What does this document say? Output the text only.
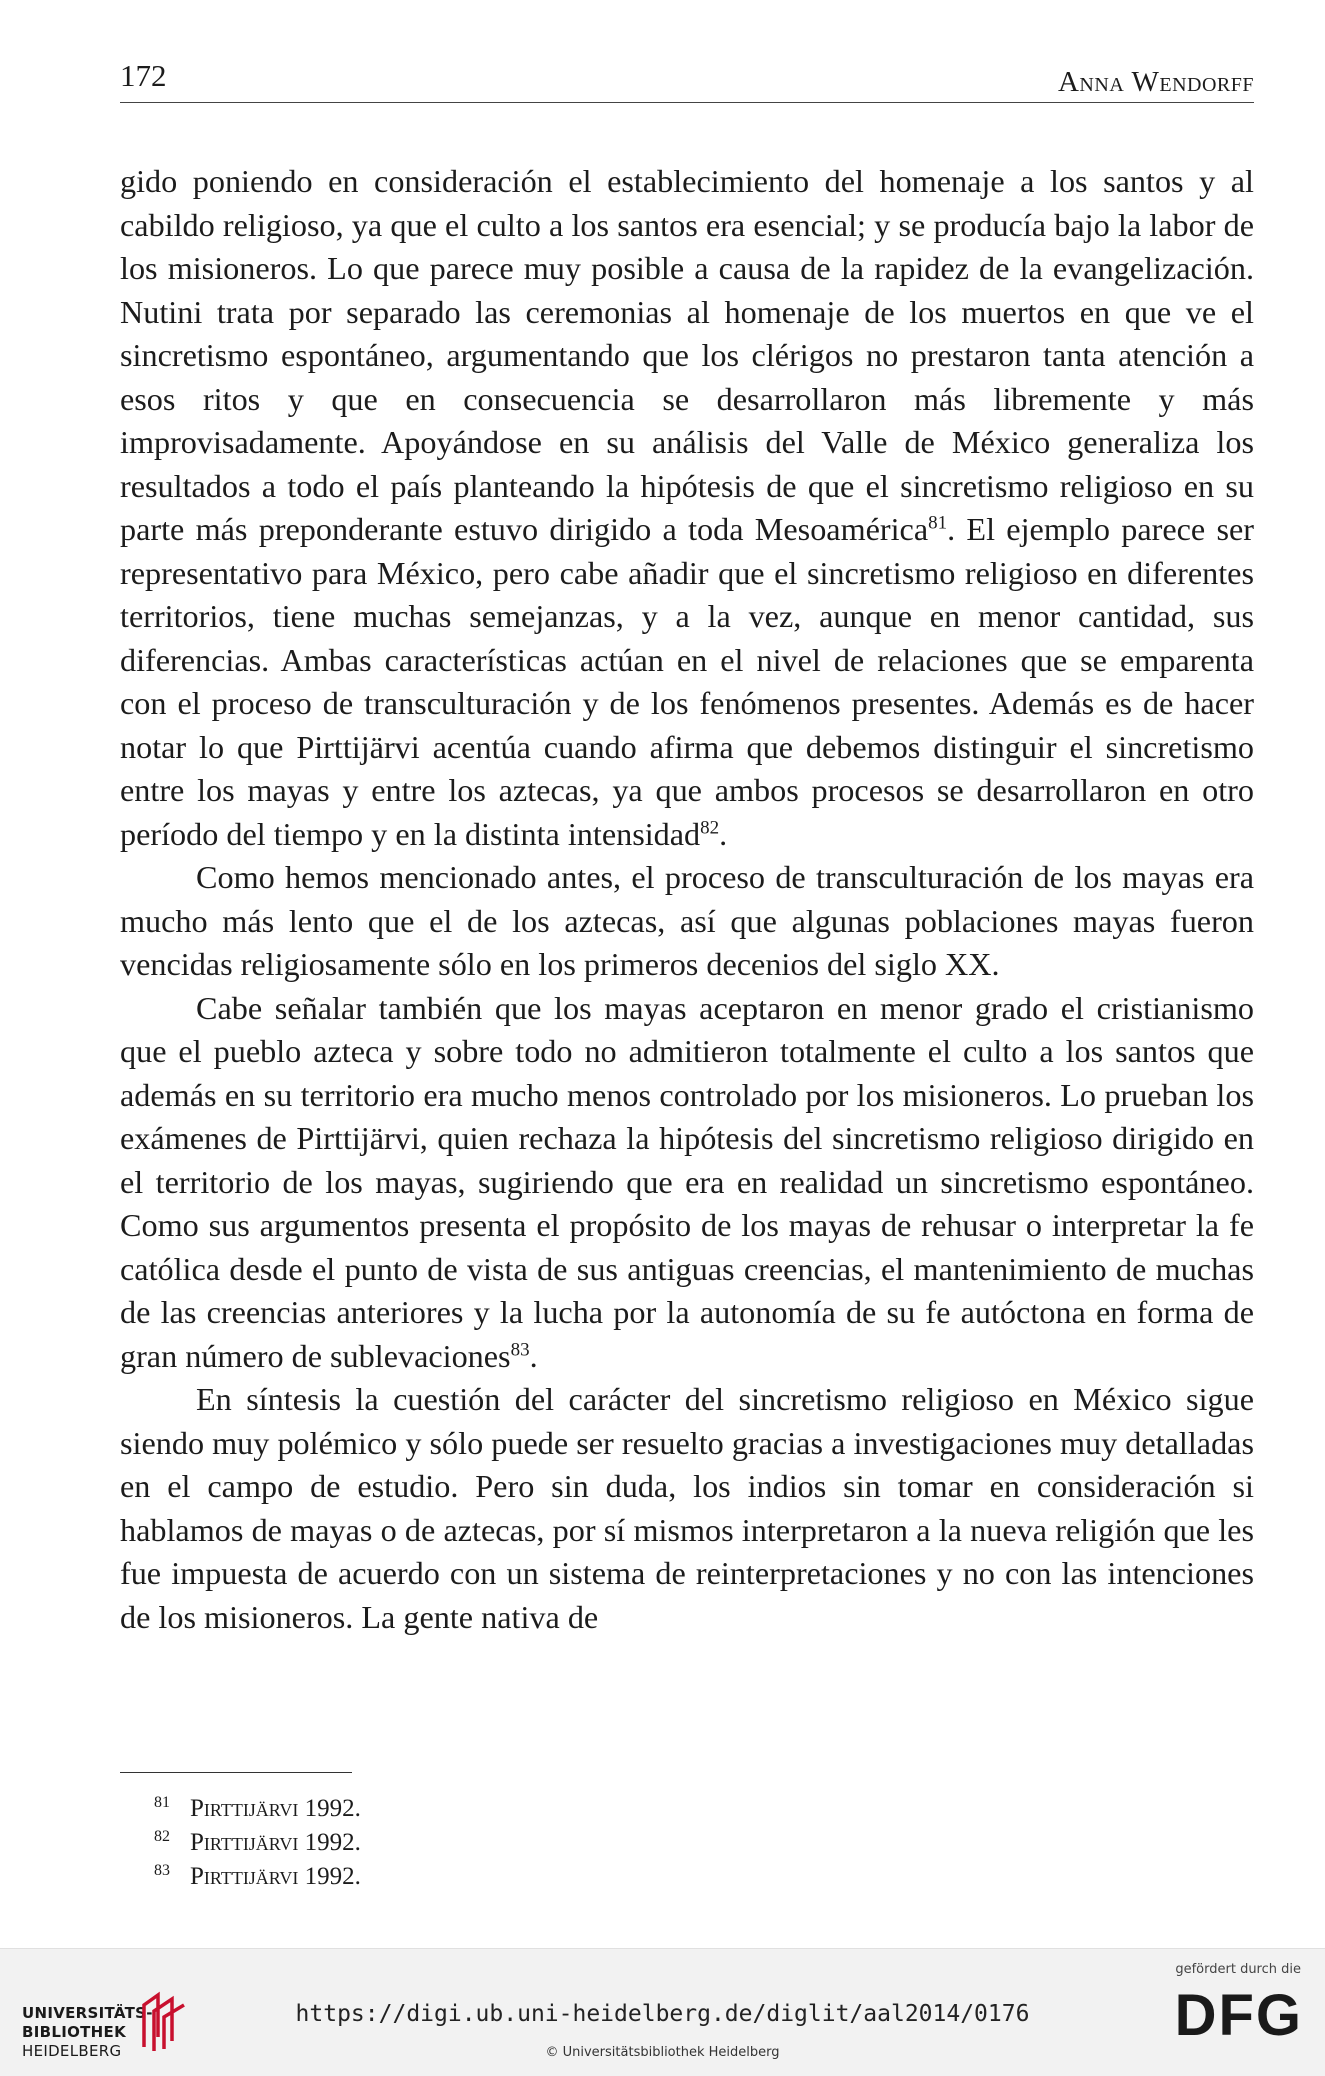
172	Anna Wendorff

gido poniendo en consideración el establecimiento del homenaje a los santos y al cabildo religioso, ya que el culto a los santos era esencial; y se producía bajo la labor de los misioneros. Lo que parece muy posible a causa de la rapidez de la evangelización. Nutini trata por separado las ceremonias al homenaje de los muertos en que ve el sincretismo espontáneo, argumentando que los clérigos no prestaron tanta atención a esos ritos y que en consecuencia se desarrollaron más libremente y más improvisadamente. Apoyándose en su análisis del Valle de México generaliza los resultados a todo el país planteando la hipótesis de que el sincretismo religioso en su parte más preponderante estuvo dirigido a toda Mesoamérica$^{81}$. El ejemplo parece ser representativo para México, pero cabe añadir que el sincretismo religioso en diferentes territorios, tiene muchas semejanzas, y a la vez, aunque en menor cantidad, sus diferencias. Ambas características actúan en el nivel de relaciones que se emparenta con el proceso de transculturación y de los fenómenos presentes. Además es de hacer notar lo que Pirttijärvi acentúa cuando afirma que debemos distinguir el sincretismo entre los mayas y entre los aztecas, ya que ambos procesos se desarrollaron en otro período del tiempo y en la distinta intensidad$^{82}$.

Como hemos mencionado antes, el proceso de transculturación de los mayas era mucho más lento que el de los aztecas, así que algunas poblaciones mayas fueron vencidas religiosamente sólo en los primeros decenios del siglo XX.

Cabe señalar también que los mayas aceptaron en menor grado el cristianismo que el pueblo azteca y sobre todo no admitieron totalmente el culto a los santos que además en su territorio era mucho menos controlado por los misioneros. Lo prueban los exámenes de Pirttijärvi, quien rechaza la hipótesis del sincretismo religioso dirigido en el territorio de los mayas, sugiriendo que era en realidad un sincretismo espontáneo. Como sus argumentos presenta el propósito de los mayas de rehusar o interpretar la fe católica desde el punto de vista de sus antiguas creencias, el mantenimiento de muchas de las creencias anteriores y la lucha por la autonomía de su fe autóctona en forma de gran número de sublevaciones$^{83}$.

En síntesis la cuestión del carácter del sincretismo religioso en México sigue siendo muy polémico y sólo puede ser resuelto gracias a investigaciones muy detalladas en el campo de estudio. Pero sin duda, los indios sin tomar en consideración si hablamos de mayas o de aztecas, por sí mismos interpretaron a la nueva religión que les fue impuesta de acuerdo con un sistema de reinterpretaciones y no con las intenciones de los misioneros. La gente nativa de

81 Pirttijärvi 1992.
82 Pirttijärvi 1992.
83 Pirttijärvi 1992.
UNIVERSITÄTS-
BIBLIOTHEK
HEIDELBERG
https://digi.ub.uni-heidelberg.de/diglit/aal2014/0176
© Universitätsbibliothek Heidelberg
gefördert durch die
DFG
